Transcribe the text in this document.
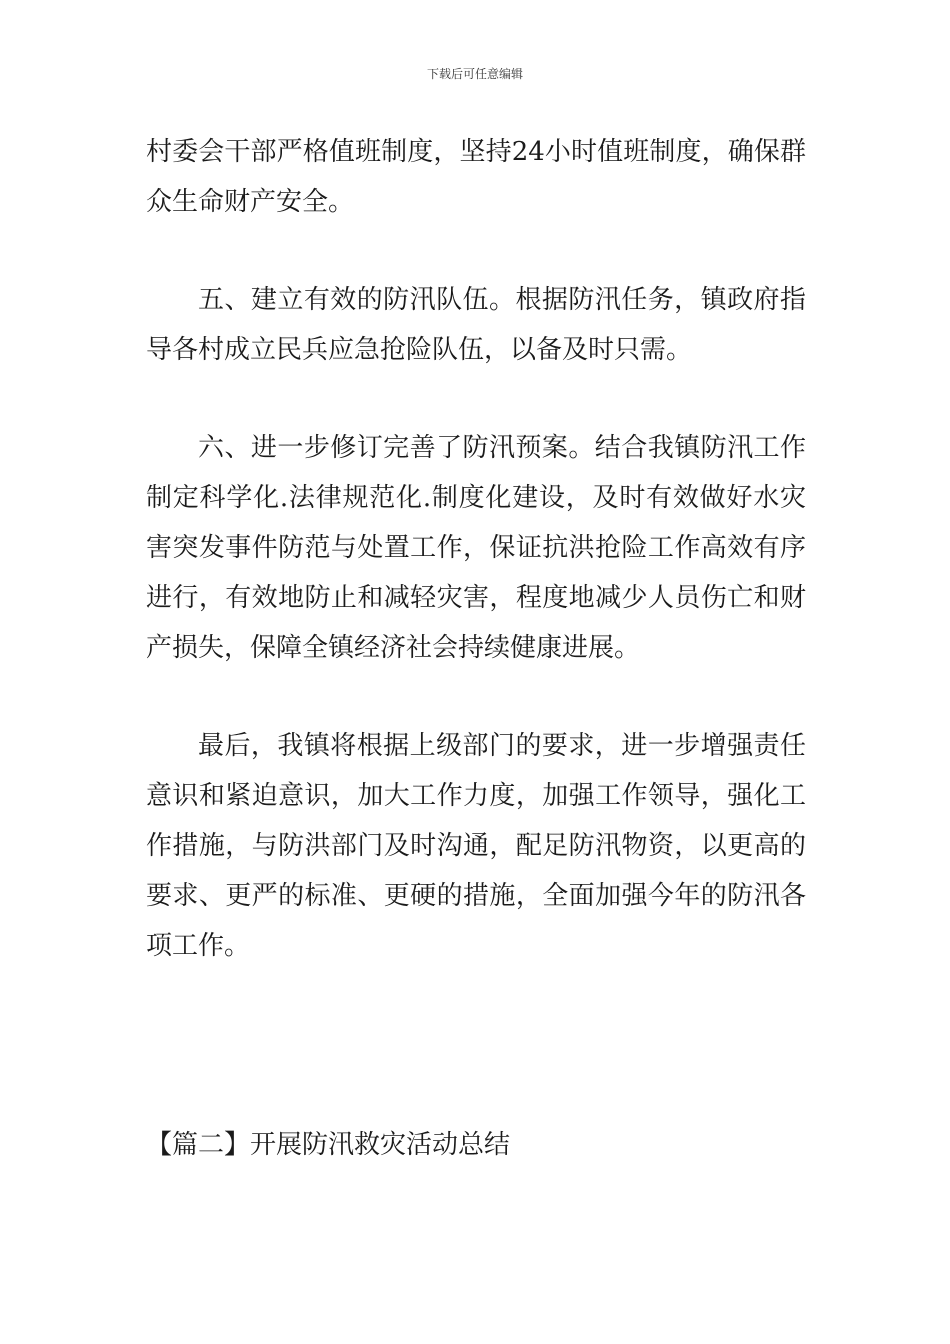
下载后可任意编辑

村委会干部严格值班制度，坚持24小时值班制度，确保群众生命财产安全。

五、建立有效的防汛队伍。根据防汛任务，镇政府指导各村成立民兵应急抢险队伍，以备及时只需。

六、进一步修订完善了防汛预案。结合我镇防汛工作制定科学化.法律规范化.制度化建设，及时有效做好水灾害突发事件防范与处置工作，保证抗洪抢险工作高效有序进行，有效地防止和减轻灾害，程度地减少人员伤亡和财产损失，保障全镇经济社会持续健康进展。

最后，我镇将根据上级部门的要求，进一步增强责任意识和紧迫意识，加大工作力度，加强工作领导，强化工作措施，与防洪部门及时沟通，配足防汛物资，以更高的要求、更严的标准、更硬的措施，全面加强今年的防汛各项工作。

【篇二】开展防汛救灾活动总结
